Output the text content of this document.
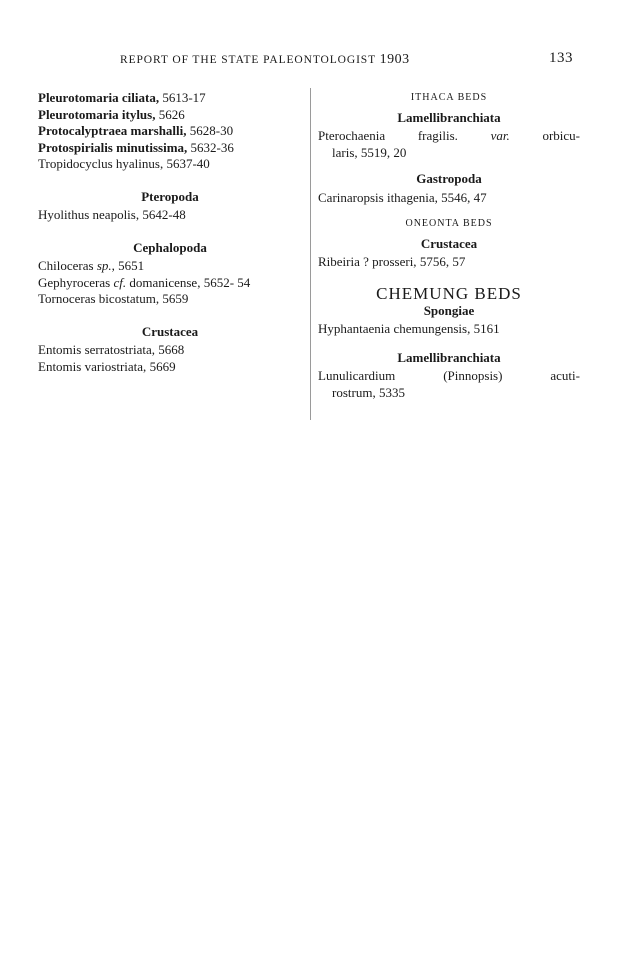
REPORT OF THE STATE PALEONTOLOGIST 1903	133
Pleurotomaria ciliata, 5613-17
Pleurotomaria itylus, 5626
Protocalyptraea marshalli, 5628-30
Protospirialis minutissima, 5632-36
Tropidocyclus hyalinus, 5637-40
Pteropoda
Hyolithus neapolis, 5642-48
Cephalopoda
Chiloceras sp., 5651
Gephyroceras cf. domanicense, 5652- 54
Tornoceras bicostatum, 5659
Crustacea
Entomis serratostriata, 5668
Entomis variostriata, 5669
ITHACA BEDS
Lamellibranchiata
Pterochaenia fragilis.	var.	orbicu-
laris, 5519, 20
Gastropoda
Carinaropsis ithagenia, 5546, 47
ONEONTA BEDS
Crustacea
Ribeiria ? prosseri, 5756, 57
CHEMUNG BEDS
Spongiae
Hyphantaenia chemungensis, 5161
Lamellibranchiata
Lunulicardium (Pinnopsis) acuti-
rostrum, 5335
